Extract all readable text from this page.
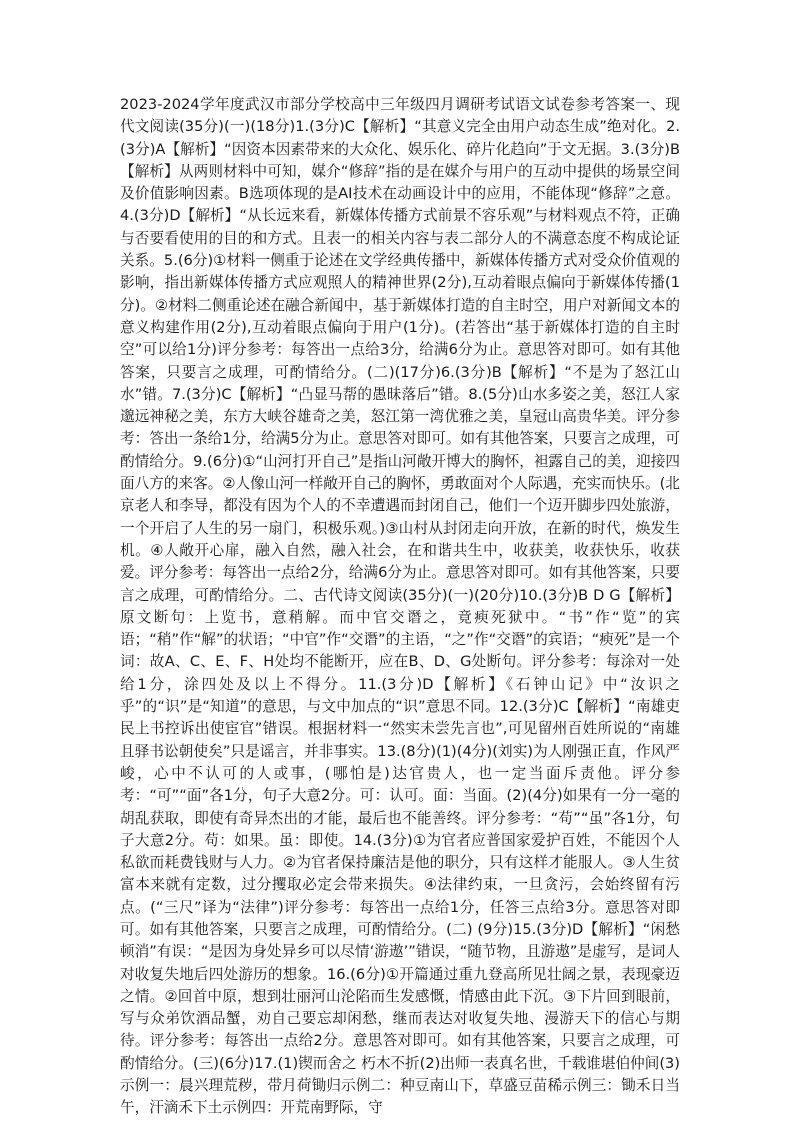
2023-2024学年度武汉市部分学校高中三年级四月调研考试语文试卷参考答案一、现代文阅读(35分)(一)(18分)1.(3分)C【解析】“其意义完全由用户动态生成”绝对化。2.(3分)A【解析】“因资本因素带来的大众化、娱乐化、碎片化趋向”于文无据。3.(3分)B【解析】从两则材料中可知，媒介“修辞”指的是在媒介与用户的互动中提供的场景空间及价值影响因素。B选项体现的是AI技术在动画设计中的应用，不能体现“修辞”之意。4.(3分)D【解析】“从长远来看，新媒体传播方式前景不容乐观”与材料观点不符，正确与否要看使用的目的和方式。且表一的相关内容与表二部分人的不满意态度不构成论证关系。5.(6分)①材料一侧重于论述在文学经典传播中，新媒体传播方式对受众价值观的影响，指出新媒体传播方式应观照人的精神世界(2分),互动着眼点偏向于新媒体传播(1分)。②材料二侧重论述在融合新闻中，基于新媒体打造的自主时空，用户对新闻文本的意义构建作用(2分),互动着眼点偏向于用户(1分)。(若答出“基于新媒体打造的自主时空”可以给1分)评分参考：每答出一点给3分，给满6分为止。意思答对即可。如有其他答案，只要言之成理，可酌情给分。(二)(17分)6.(3分)B【解析】“不是为了怒江山水”错。7.(3分)C【解析】“凸显马帮的愚昧落后”错。8.(5分)山水多姿之美，怒江人家邈远神秘之美，东方大峡谷雄奇之美，怒江第一湾优雅之美，皇冠山高贵华美。评分参考：答出一条给1分，给满5分为止。意思答对即可。如有其他答案，只要言之成理，可酌情给分。9.(6分)①“山河打开自己”是指山河敞开博大的胸怀，袒露自己的美，迎接四面八方的来客。②人像山河一样敞开自己的胸怀，勇敢面对个人际遇，充实而快乐。(北京老人和李导，都没有因为个人的不幸遭遇而封闭自己，他们一个迈开脚步四处旅游，一个开启了人生的另一扇门，积极乐观。)③山村从封闭走向开放，在新的时代，焕发生机。④人敞开心扉，融入自然，融入社会，在和谐共生中，收获美，收获快乐，收获爱。评分参考：每答出一点给2分，给满6分为止。意思答对即可。如有其他答案，只要言之成理，可酌情给分。二、古代诗文阅读(35分)(一)(20分)10.(3分)B D G【解析】原文断句：上览书，意稍解。而中官交谮之，竟瘐死狱中。“书”作“览”的宾语；“稍”作“解”的状语；“中官”作“交谮”的主语，“之”作“交谮”的宾语；“瘐死”是一个词：故A、C、E、F、H处均不能断开，应在B、D、G处断句。评分参考：每涂对一处给1分，涂四处及以上不得分。11.(3分)D【解析】《石钟山记》中“汝识之乎”的“识”是“知道”的意思，与文中加点的“识”意思不同。12.(3分)C【解析】“南雄吏民上书控诉出使宦官”错误。根据材料一“然实未尝先言也”,可见留州百姓所说的“南雄且驿书讼朝使矣”只是谣言，并非事实。13.(8分)(1)(4分)(刘实)为人刚强正直，作风严峻，心中不认可的人或事，(哪怕是)达官贵人，也一定当面斥责他。评分参考：“可”“面”各1分，句子大意2分。可：认可。面：当面。(2)(4分)如果有一分一毫的胡乱获取，即使有奇异杰出的才能，最后也不能善终。评分参考：“苟”“虽”各1分，句子大意2分。苟：如果。虽：即使。14.(3分)①为官者应普国家爱护百姓，不能因个人私欲而耗费钱财与人力。②为官者保持廉洁是他的职分，只有这样才能服人。③人生贫富本来就有定数，过分攫取必定会带来损失。④法律约束，一旦贪污，会始终留有污点。(“三尺”译为“法律”)评分参考：每答出一点给1分，任答三点给3分。意思答对即可。如有其他答案，只要言之成理，可酌情给分。(二) (9分)15.(3分)D【解析】“闲愁顿消”有误：“是因为身处异乡可以尽情‘游遨’”错误，“随节物，且游遨”是虚写，是词人对收复失地后四处游历的想象。16.(6分)①开篇通过重九登高所见壮阔之景，表现豪迈之情。②回首中原，想到壮丽河山沦陷而生发感慨，情感由此下沉。③下片回到眼前，写与众弟饮酒品蟹，劝自己要忘却闲愁，继而表达对收复失地、漫游天下的信心与期待。评分参考：每答出一点给2分。意思答对即可。如有其他答案，只要言之成理，可酌情给分。(三)(6分)17.(1)锲而舍之 朽木不折(2)出师一表真名世，千载谁堪伯仲间(3)示例一：晨兴理荒秽，带月荷锄归示例二：种豆南山下，草盛豆苗稀示例三：锄禾日当午，汗滴禾下土示例四：开荒南野际，守
